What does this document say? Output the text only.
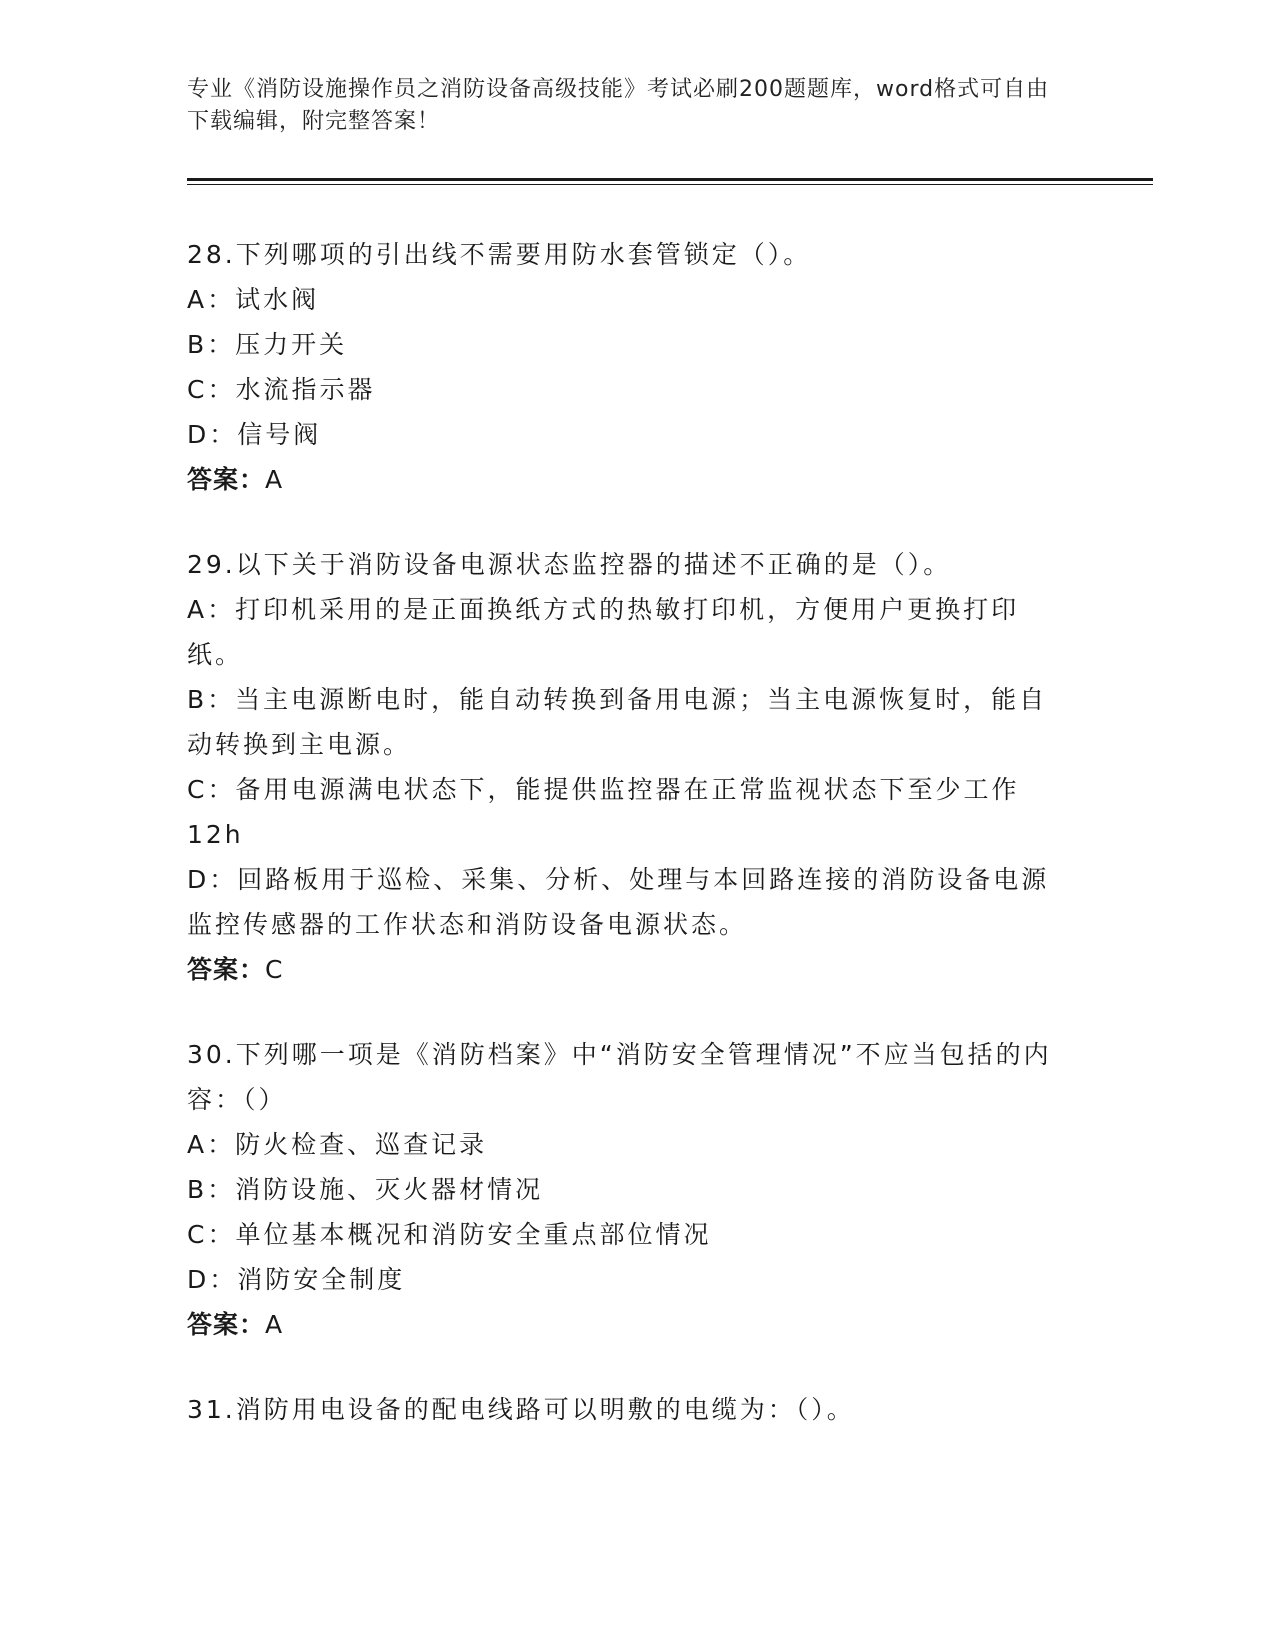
专业《消防设施操作员之消防设备高级技能》考试必刷200题题库，word格式可自由下载编辑，附完整答案！

28.下列哪项的引出线不需要用防水套管锁定（）。

A：试水阀

B：压力开关

C：水流指示器

D：信号阀

答案：A

29.以下关于消防设备电源状态监控器的描述不正确的是（）。

A：打印机采用的是正面换纸方式的热敏打印机，方便用户更换打印纸。

B：当主电源断电时，能自动转换到备用电源；当主电源恢复时，能自动转换到主电源。

C：备用电源满电状态下，能提供监控器在正常监视状态下至少工作12h

D：回路板用于巡检、采集、分析、处理与本回路连接的消防设备电源监控传感器的工作状态和消防设备电源状态。

答案：C

30.下列哪一项是《消防档案》中“消防安全管理情况”不应当包括的内容：（）

A：防火检查、巡查记录

B：消防设施、灭火器材情况

C：单位基本概况和消防安全重点部位情况

D：消防安全制度

答案：A

31.消防用电设备的配电线路可以明敷的电缆为：（）。
